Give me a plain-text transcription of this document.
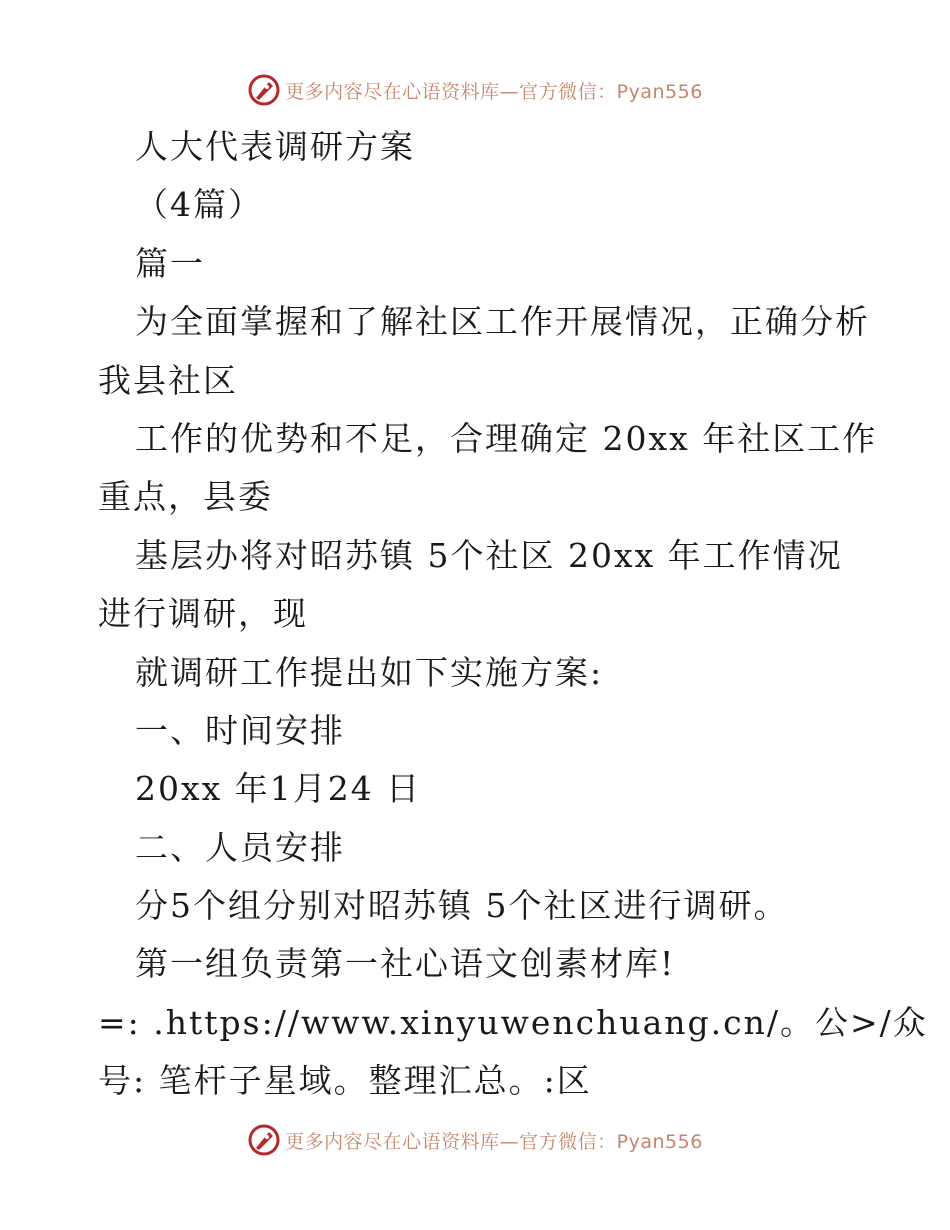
更多内容尽在心语资料库—官方微信：Pyan556
人大代表调研方案
（4篇）
篇一
为全面掌握和了解社区工作开展情况，正确分析
我县社区
工作的优势和不足，合理确定 20xx 年社区工作
重点，县委
基层办将对昭苏镇 5个社区 20xx 年工作情况
进行调研，现
就调研工作提出如下实施方案:
一、时间安排
20xx 年1月24 日
二、人员安排
分5个组分别对昭苏镇 5个社区进行调研。
第一组负责第一社心语文创素材库!
=: .https://www.xinyuwenchuang.cn/。公>/众
号: 笔杆子星域。整理汇总。:区
更多内容尽在心语资料库—官方微信：Pyan556
